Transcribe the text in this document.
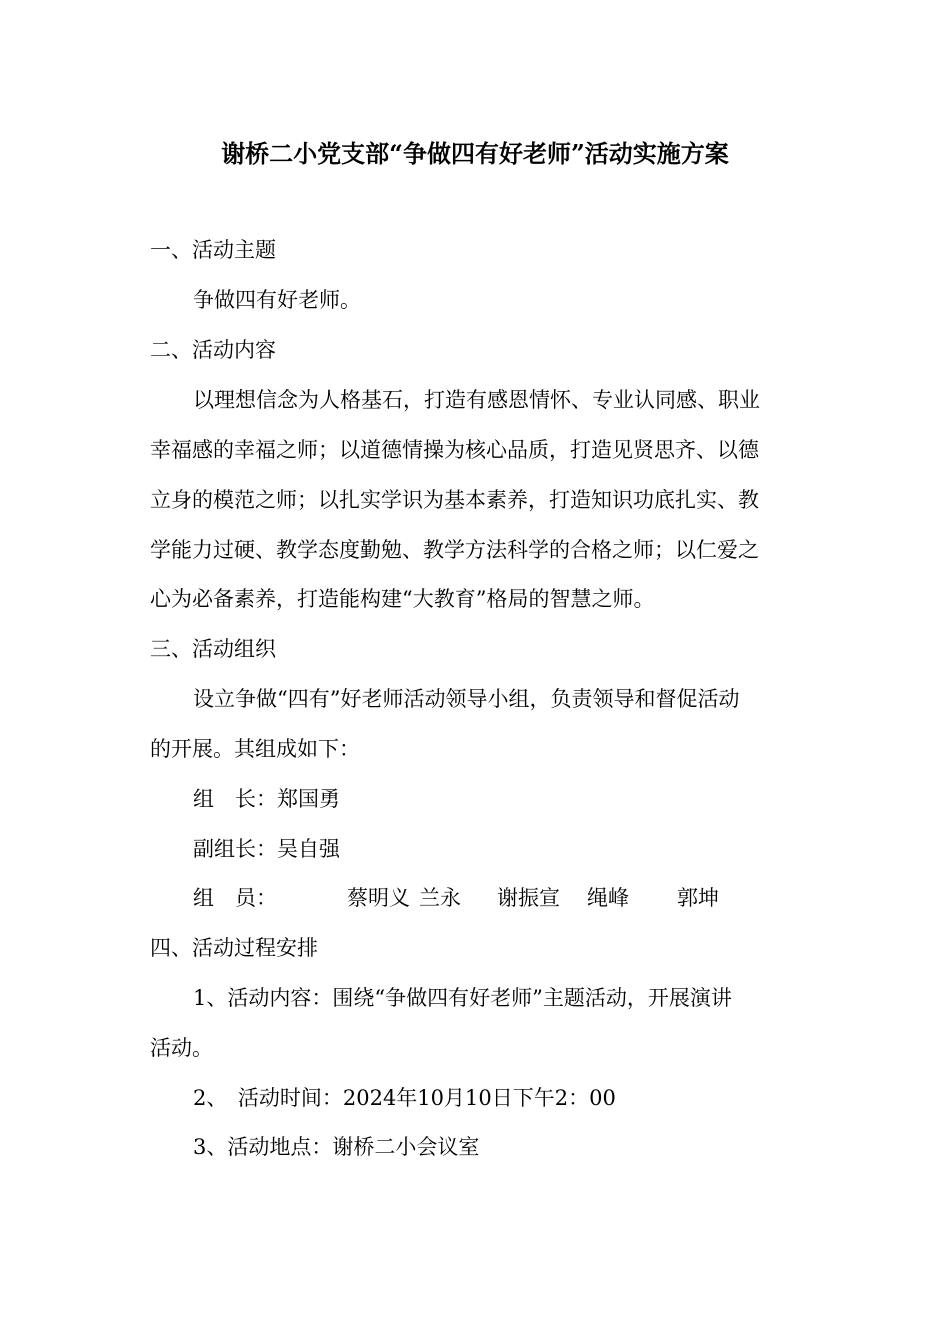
谢桥二小党支部“争做四有好老师”活动实施方案
一、活动主题
争做四有好老师。
二、活动内容
以理想信念为人格基石，打造有感恩情怀、专业认同感、职业
幸福感的幸福之师；以道德情操为核心品质，打造见贤思齐、以德
立身的模范之师；以扎实学识为基本素养，打造知识功底扎实、教
学能力过硬、教学态度勤勉、教学方法科学的合格之师；以仁爱之
心为必备素养，打造能构建“大教育”格局的智慧之师。
三、活动组织
设立争做“四有”好老师活动领导小组，负责领导和督促活动
的开展。其组成如下：
组　长：郑国勇
副组长：吴自强
组　员：	蔡明义 兰永 谢振宣 绳峰 郭坤
四、活动过程安排
1、活动内容：围绕“争做四有好老师”主题活动，开展演讲
活动。
2、　活动时间：2024年10月10日下午2：00
3、活动地点：谢桥二小会议室
